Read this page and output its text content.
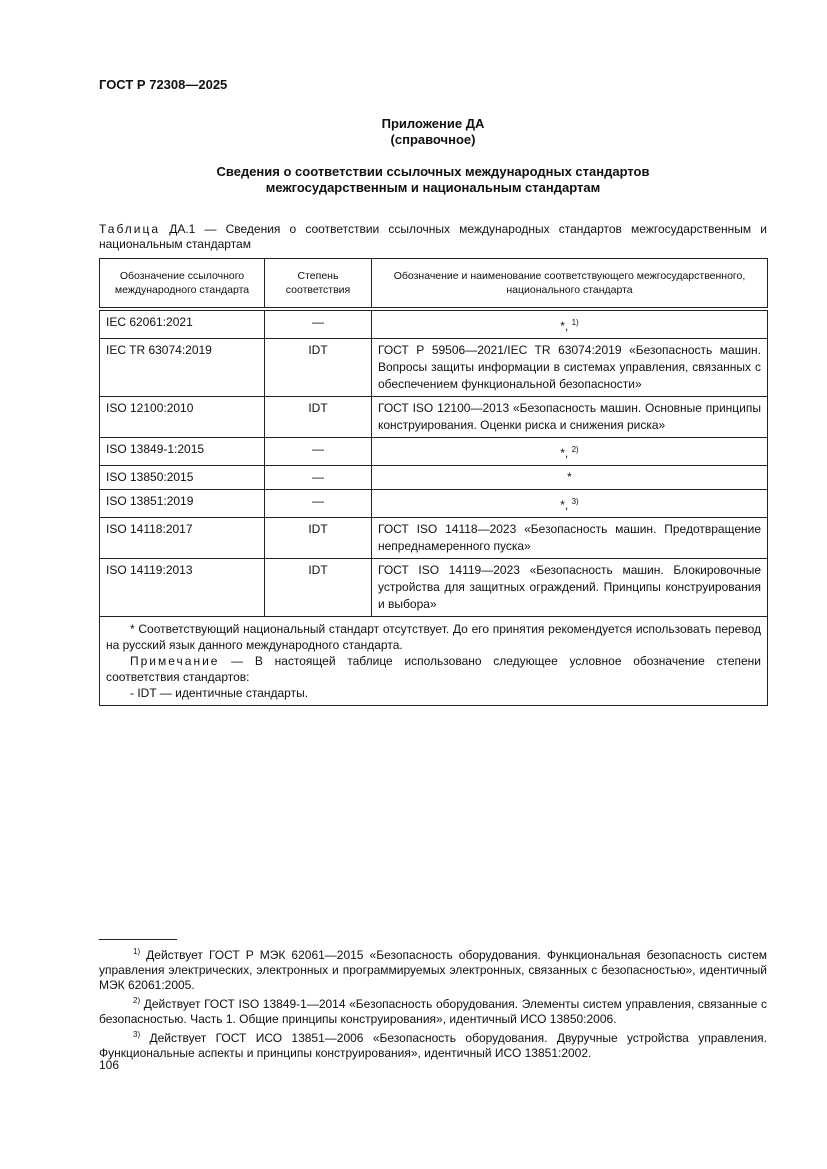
ГОСТ Р 72308—2025
Приложение ДА
(справочное)
Сведения о соответствии ссылочных международных стандартов
межгосударственным и национальным стандартам
Таблица ДА.1 — Сведения о соответствии ссылочных международных стандартов межгосударственным и национальным стандартам
Обозначение ссылочного международного стандарта	Степень соответствия	Обозначение и наименование соответствующего межгосударственного, национального стандарта
IEC 62061:2021	—	*, $^{1)}$
IEC TR 63074:2019	IDT	ГОСТ Р 59506—2021/IEC TR 63074:2019 «Безопасность машин. Вопросы защиты информации в системах управления, связанных с обеспечением функциональной безопасности»
ISO 12100:2010	IDT	ГОСТ ISO 12100—2013 «Безопасность машин. Основные принципы конструирования. Оценки риска и снижения риска»
ISO 13849-1:2015	—	*, $^{2)}$
ISO 13850:2015	—	*
ISO 13851:2019	—	*, $^{3)}$
ISO 14118:2017	IDT	ГОСТ ISO 14118—2023 «Безопасность машин. Предотвращение непреднамеренного пуска»
ISO 14119:2013	IDT	ГОСТ ISO 14119—2023 «Безопасность машин. Блокировочные устройства для защитных ограждений. Принципы конструирования и выбора»

* Соответствующий национальный стандарт отсутствует. До его принятия рекомендуется использовать перевод на русский язык данного международного стандарта.
Примечание — В настоящей таблице использовано следующее условное обозначение степени соответствия стандартов:
- IDT — идентичные стандарты.		

$^{1)}$ Действует ГОСТ Р МЭК 62061—2015 «Безопасность оборудования. Функциональная безопасность систем управления электрических, электронных и программируемых электронных, связанных с безопасностью», идентичный МЭК 62061:2005.

$^{2)}$ Действует ГОСТ ISO 13849-1—2014 «Безопасность оборудования. Элементы систем управления, связанные с безопасностью. Часть 1. Общие принципы конструирования», идентичный ИСО 13850:2006.

$^{3)}$ Действует ГОСТ ИСО 13851—2006 «Безопасность оборудования. Двуручные устройства управления. Функциональные аспекты и принципы конструирования», идентичный ИСО 13851:2002.

106
